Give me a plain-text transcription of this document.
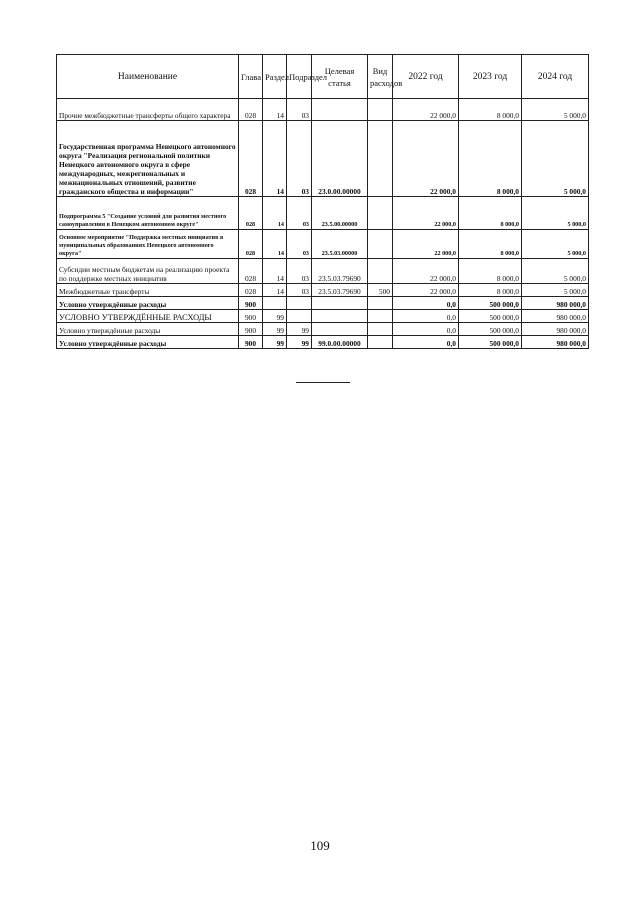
Наименование	Глава	Раздел	Подраздел	Целевая статья	Вид расходов	2022 год	2023 год	2024 год
Прочие межбюджетные трансферты общего характера	028	14	03			22 000,0	8 000,0	5 000,0
Государственная программа Ненецкого автономного округа "Реализация региональной политики Ненецкого автономного округа в сфере международных, межрегиональных и межнациональных отношений, развитие гражданского общества и информации"	028	14	03	23.0.00.00000		22 000,0	8 000,0	5 000,0
Подпрограмма 5 "Создание условий для развития местного самоуправления в Ненецком автономном округе"	028	14	03	23.5.00.00000		22 000,0	8 000,0	5 000,0
Основное мероприятие "Поддержка местных инициатив в муниципальных образованиях Ненецкого автономного округа"	028	14	03	23.5.03.00000		22 000,0	8 000,0	5 000,0
Субсидии местным бюджетам на реализацию проекта по поддержке местных инициатив	028	14	03	23.5.03.79690		22 000,0	8 000,0	5 000,0
Межбюджетные трансферты	028	14	03	23.5.03.79690	500	22 000,0	8 000,0	5 000,0
Условно утверждённые расходы	900					0,0	500 000,0	980 000,0
УСЛОВНО УТВЕРЖДЁННЫЕ РАСХОДЫ	900	99				0,0	500 000,0	980 000,0
Условно утверждённые расходы	900	99	99			0,0	500 000,0	980 000,0
Условно утверждённые расходы	900	99	99	99.0.00.00000		0,0	500 000,0	980 000,0
109
